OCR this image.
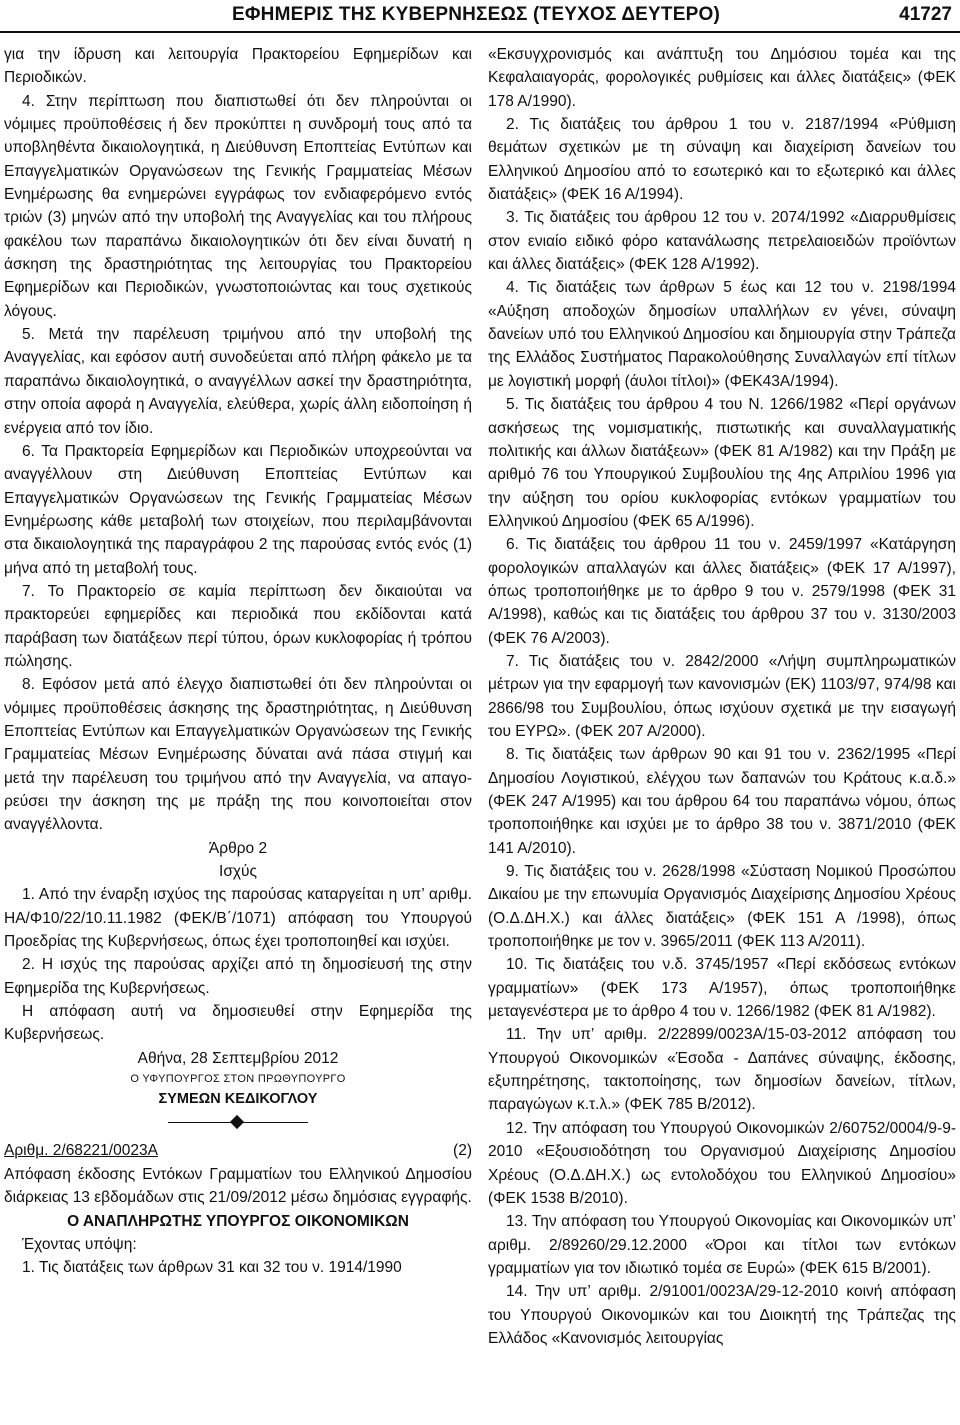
ΕΦΗΜΕΡΙΣ ΤΗΣ ΚΥΒΕΡΝΗΣΕΩΣ (ΤΕΥΧΟΣ ΔΕΥΤΕΡΟ)	41727

για την ίδρυση και λειτουργία Πρακτορείου Εφημερίδων και Περιοδικών.

4. Στην περίπτωση που διαπιστωθεί ότι δεν πληρούνται οι νόμιμες προϋποθέσεις ή δεν προκύπτει η συνδρομή τους από τα υποβληθέντα δικαιολογητικά, η Διεύθυνση Εποπτείας Εντύπων και Επαγγελματικών Οργανώσεων της Γενικής Γραμματείας Μέσων Ενημέρωσης θα ενημερώνει εγγράφως τον ενδιαφερόμενο εντός τριών (3) μηνών από την υποβολή της Αναγγελίας και του πλήρους φακέλου των παραπάνω δικαιολογητικών ότι δεν είναι δυνατή η άσκηση της δραστηριότητας της λειτουργίας του Πρακτορείου Εφημερίδων και Περιοδικών, γνωστοποιώντας και τους σχετικούς λόγους.

5. Μετά την παρέλευση τριμήνου από την υποβολή της Αναγγελίας, και εφόσον αυτή συνοδεύεται από πλήρη φάκελο με τα παραπάνω δικαιολογητικά, ο αναγγέλλων ασκεί την δραστηριότητα, στην οποία αφορά η Αναγγελία, ελεύθερα, χωρίς άλλη ειδοποίηση ή ενέργεια από τον ίδιο.

6. Τα Πρακτορεία Εφημερίδων και Περιοδικών υποχρεούνται να αναγγέλλουν στη Διεύθυνση Εποπτείας Εντύπων και Επαγγελματικών Οργανώσεων της Γενικής Γραμματείας Μέσων Ενημέρωσης κάθε μεταβολή των στοιχείων, που περιλαμβάνονται στα δικαιολογητικά της παραγράφου 2 της παρούσας εντός ενός (1) μήνα από τη μεταβολή τους.

7. Το Πρακτορείο σε καμία περίπτωση δεν δικαιούται να πρακτορεύει εφημερίδες και περιοδικά που εκδίδονται κατά παράβαση των διατάξεων περί τύπου, όρων κυκλοφορίας ή τρόπου πώλησης.

8. Εφόσον μετά από έλεγχο διαπιστωθεί ότι δεν πληρούνται οι νόμιμες προϋποθέσεις άσκησης της δραστηριότητας, η Διεύθυνση Εποπτείας Εντύπων και Επαγγελματικών Οργανώσεων της Γενικής Γραμματείας Μέσων Ενημέρωσης δύναται ανά πάσα στιγμή και μετά την παρέλευση του τριμήνου από την Αναγγελία, να απαγορεύσει την άσκηση της με πράξη της που κοινοποιείται στον αναγγέλλοντα.

Άρθρο 2

Ισχύς

1. Από την έναρξη ισχύος της παρούσας καταργείται η υπ’ αριθμ. ΗΑ/Φ10/22/10.11.1982 (ΦΕΚ/Β΄/1071) απόφαση του Υπουργού Προεδρίας της Κυβερνήσεως, όπως έχει τροποποιηθεί και ισχύει.

2. Η ισχύς της παρούσας αρχίζει από τη δημοσίευσή της στην Εφημερίδα της Κυβερνήσεως.

Η απόφαση αυτή να δημοσιευθεί στην Εφημερίδα της Κυβερνήσεως.

Αθήνα, 28 Σεπτεμβρίου 2012

Ο ΥΦΥΠΟΥΡΓΟΣ ΣΤΟΝ ΠΡΩΘΥΠΟΥΡΓΟ

ΣΥΜΕΩΝ ΚΕΔΙΚΟΓΛΟΥ

Αριθμ. 2/68221/0023Α	(2)

Απόφαση έκδοσης Εντόκων Γραμματίων του Ελληνικού Δημοσίου διάρκειας 13 εβδομάδων στις 21/09/2012 μέσω δημόσιας εγγραφής.

Ο ΑΝΑΠΛΗΡΩΤΗΣ ΥΠΟΥΡΓΟΣ ΟΙΚΟΝΟΜΙΚΩΝ

Έχοντας υπόψη:

1. Τις διατάξεις των άρθρων 31 και 32 του ν. 1914/1990

«Εκσυγχρονισμός και ανάπτυξη του Δημόσιου τομέα και της Κεφαλαιαγοράς, φορολογικές ρυθμίσεις και άλλες διατάξεις» (ΦΕΚ 178 Α/1990).

2. Τις διατάξεις του άρθρου 1 του ν. 2187/1994 «Ρύθμιση θεμάτων σχετικών με τη σύναψη και διαχείριση δανείων του Ελληνικού Δημοσίου από το εσωτερικό και το εξωτερικό και άλλες διατάξεις» (ΦΕΚ 16 Α/1994).

3. Τις διατάξεις του άρθρου 12 του ν. 2074/1992 «Διαρρυθμίσεις στον ενιαίο ειδικό φόρο κατανάλωσης πετρελαιοειδών προϊόντων και άλλες διατάξεις» (ΦΕΚ 128 Α/1992).

4. Τις διατάξεις των άρθρων 5 έως και 12 του ν. 2198/1994 «Αύξηση αποδοχών δημοσίων υπαλλήλων εν γένει, σύναψη δανείων υπό του Ελληνικού Δημοσίου και δημιουργία στην Τράπεζα της Ελλάδος Συστήματος Παρακολούθησης Συναλλαγών επί τίτλων με λογιστική μορφή (άυλοι τίτλοι)» (ΦΕΚ43Α/1994).

5. Τις διατάξεις του άρθρου 4 του Ν. 1266/1982 «Περί οργάνων ασκήσεως της νομισματικής, πιστωτικής και συναλλαγματικής πολιτικής και άλλων διατάξεων» (ΦΕΚ 81 Α/1982) και την Πράξη με αριθμό 76 του Υπουργικού Συμβουλίου της 4ης Απριλίου 1996 για την αύξηση του ορίου κυκλοφορίας εντόκων γραμματίων του Ελληνικού Δημοσίου (ΦΕΚ 65 Α/1996).

6. Τις διατάξεις του άρθρου 11 του ν. 2459/1997 «Κατάργηση φορολογικών απαλλαγών και άλλες διατάξεις» (ΦΕΚ 17 Α/1997), όπως τροποποιήθηκε με το άρθρο 9 του ν. 2579/1998 (ΦΕΚ 31 Α/1998), καθώς και τις διατάξεις του άρθρου 37 του ν. 3130/2003 (ΦΕΚ 76 Α/2003).

7. Τις διατάξεις του ν. 2842/2000 «Λήψη συμπληρωματικών μέτρων για την εφαρμογή των κανονισμών (ΕΚ) 1103/97, 974/98 και 2866/98 του Συμβουλίου, όπως ισχύουν σχετικά με την εισαγωγή του ΕΥΡΩ». (ΦΕΚ 207 Α/2000).

8. Τις διατάξεις των άρθρων 90 και 91 του ν. 2362/1995 «Περί Δημοσίου Λογιστικού, ελέγχου των δαπανών του Κράτους κ.α.δ.» (ΦΕΚ 247 Α/1995) και του άρθρου 64 του παραπάνω νόμου, όπως τροποποιήθηκε και ισχύει με το άρθρο 38 του ν. 3871/2010 (ΦΕΚ 141 Α/2010).

9. Τις διατάξεις του ν. 2628/1998 «Σύσταση Νομικού Προσώπου Δικαίου με την επωνυμία Οργανισμός Διαχείρισης Δημοσίου Χρέους (Ο.Δ.ΔΗ.Χ.) και άλλες διατάξεις» (ΦΕΚ 151 Α /1998), όπως τροποποιήθηκε με τον ν. 3965/2011 (ΦΕΚ 113 Α/2011).

10. Τις διατάξεις του ν.δ. 3745/1957 «Περί εκδόσεως εντόκων γραμματίων» (ΦΕΚ 173 Α/1957), όπως τροποποιήθηκε μεταγενέστερα με το άρθρο 4 του ν. 1266/1982 (ΦΕΚ 81 Α/1982).

11. Την υπ’ αριθμ. 2/22899/0023Α/15-03-2012 απόφαση του Υπουργού Οικονομικών «Έσοδα - Δαπάνες σύναψης, έκδοσης, εξυπηρέτησης, τακτοποίησης, των δημοσίων δανείων, τίτλων, παραγώγων κ.τ.λ.» (ΦΕΚ 785 Β/2012).

12. Την απόφαση του Υπουργού Οικονομικών 2/60752/0004/9-9-2010 «Εξουσιοδότηση του Οργανισμού Διαχείρισης Δημοσίου Χρέους (Ο.Δ.ΔΗ.Χ.) ως εντολοδόχου του Ελληνικού Δημοσίου» (ΦΕΚ 1538 Β/2010).

13. Την απόφαση του Υπουργού Οικονομίας και Οικονομικών υπ’ αριθμ. 2/89260/29.12.2000 «Όροι και τίτλοι των εντόκων γραμματίων για τον ιδιωτικό τομέα σε Ευρώ» (ΦΕΚ 615 Β/2001).

14. Την υπ’ αριθμ. 2/91001/0023Α/29-12-2010 κοινή απόφαση του Υπουργού Οικονομικών και του Διοικητή της Τράπεζας της Ελλάδος «Κανονισμός λειτουργίας
